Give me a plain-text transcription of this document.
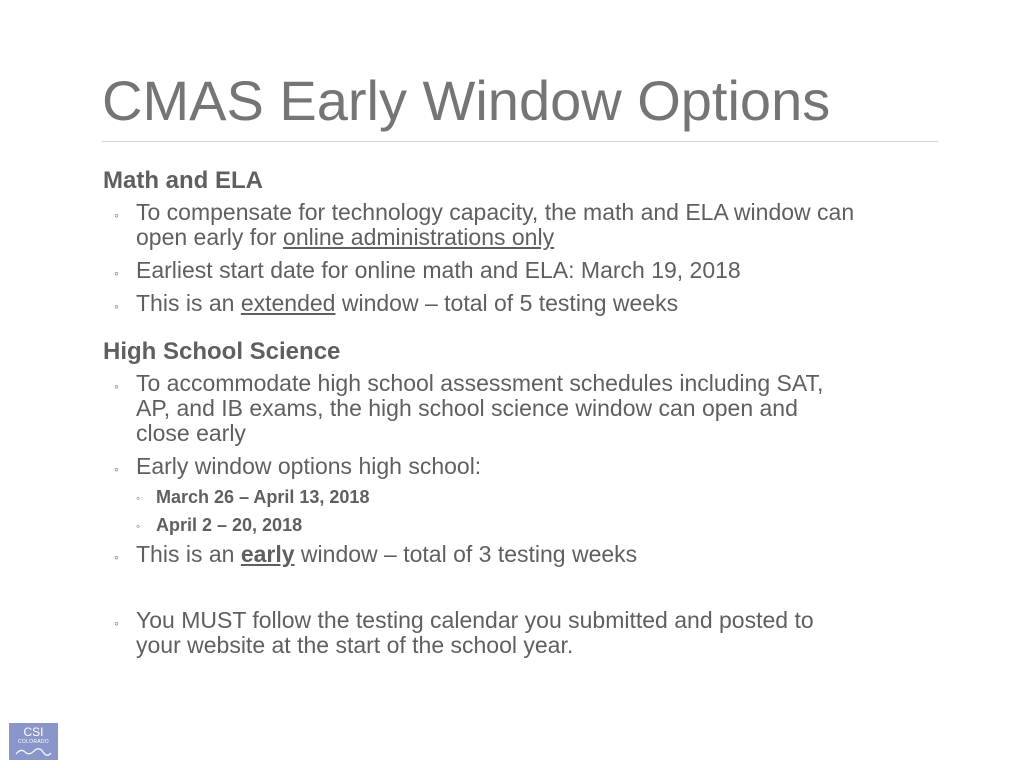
CMAS Early Window Options
Math and ELA
◦ To compensate for technology capacity, the math and ELA window can
open early for online administrations only
◦ Earliest start date for online math and ELA: March 19, 2018
◦ This is an extended window – total of 5 testing weeks
High School Science
◦ To accommodate high school assessment schedules including SAT,
AP, and IB exams, the high school science window can open and
close early
◦ Early window options high school:
◦ March 26 – April 13, 2018
◦ April 2 – 20, 2018
◦ This is an early window – total of 3 testing weeks
◦ You MUST follow the testing calendar you submitted and posted to
your website at the start of the school year.
CSI
COLORADO
